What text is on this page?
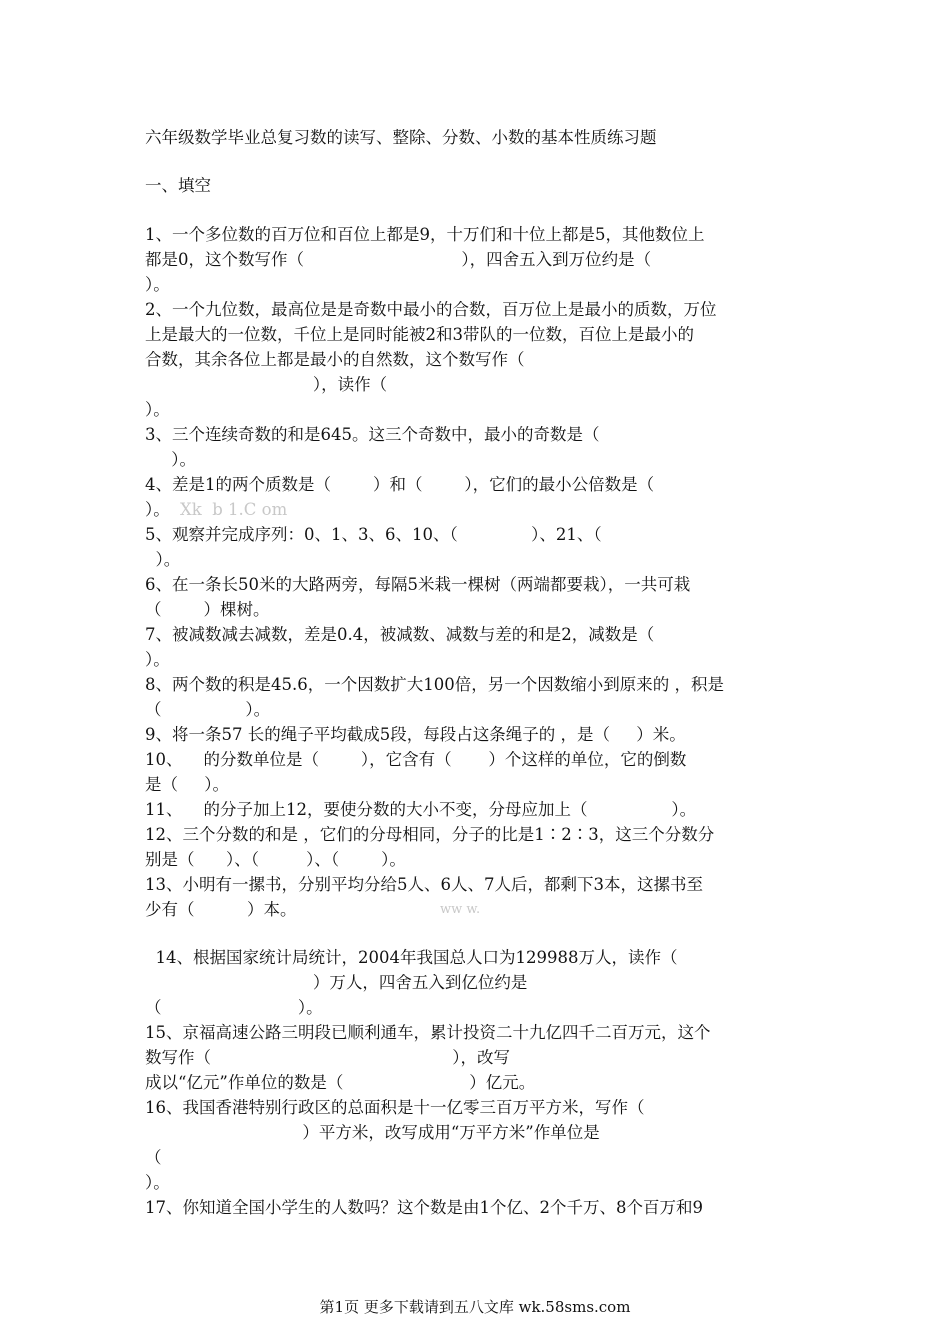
六年级数学毕业总复习数的读写、整除、分数、小数的基本性质练习题
一、填空
1、一个多位数的百万位和百位上都是9，十万们和十位上都是5，其他数位上
都是0，这个数写作（                              ），四舍五入到万位约是（
）。
2、一个九位数，最高位是是奇数中最小的合数，百万位上是最小的质数，万位
上是最大的一位数，千位上是同时能被2和3带队的一位数，百位上是最小的
合数，其余各位上都是最小的自然数，这个数写作（
），读作（
）。
3、三个连续奇数的和是645。这三个奇数中，最小的奇数是（
）。
4、差是1的两个质数是（        ）和（        ），它们的最小公倍数是（
）。 Xk  b 1.C om
5、观察并完成序列：0、1、3、6、10、（              ）、21、（
）。
6、在一条长50米的大路两旁，每隔5米栽一棵树（两端都要栽），一共可栽
（        ）棵树。
7、被减数减去减数，差是0.4，被减数、减数与差的和是2，减数是（
）。
8、两个数的积是45.6，一个因数扩大100倍，另一个因数缩小到原来的 ，积是
（                ）。
9、将一条57 长的绳子平均截成5段，每段占这条绳子的 ，是（     ）米。
10、    的分数单位是（        ），它含有（       ）个这样的单位，它的倒数
是（     ）。
11、    的分子加上12，要使分数的大小不变，分母应加上（                ）。
12、三个分数的和是 ，它们的分母相同，分子的比是1∶2∶3，这三个分数分
别是（      ）、（         ）、（        ）。
13、小明有一摞书，分别平均分给5人、6人、7人后，都剩下3本，这摞书至
少有（          ）本。	ww w.
14、根据国家统计局统计，2004年我国总人口为129988万人，读作（
）万人，四舍五入到亿位约是
（                          ）。
15、京福高速公路三明段已顺利通车，累计投资二十九亿四千二百万元，这个
数写作（                                              ），改写
成以“亿元”作单位的数是（                        ）亿元。
16、我国香港特别行政区的总面积是十一亿零三百万平方米，写作（
）平方米，改写成用“万平方米”作单位是
（
）。
17、你知道全国小学生的人数吗？这个数是由1个亿、2个千万、8个百万和9
第1页 更多下载请到五八文库 wk.58sms.com
